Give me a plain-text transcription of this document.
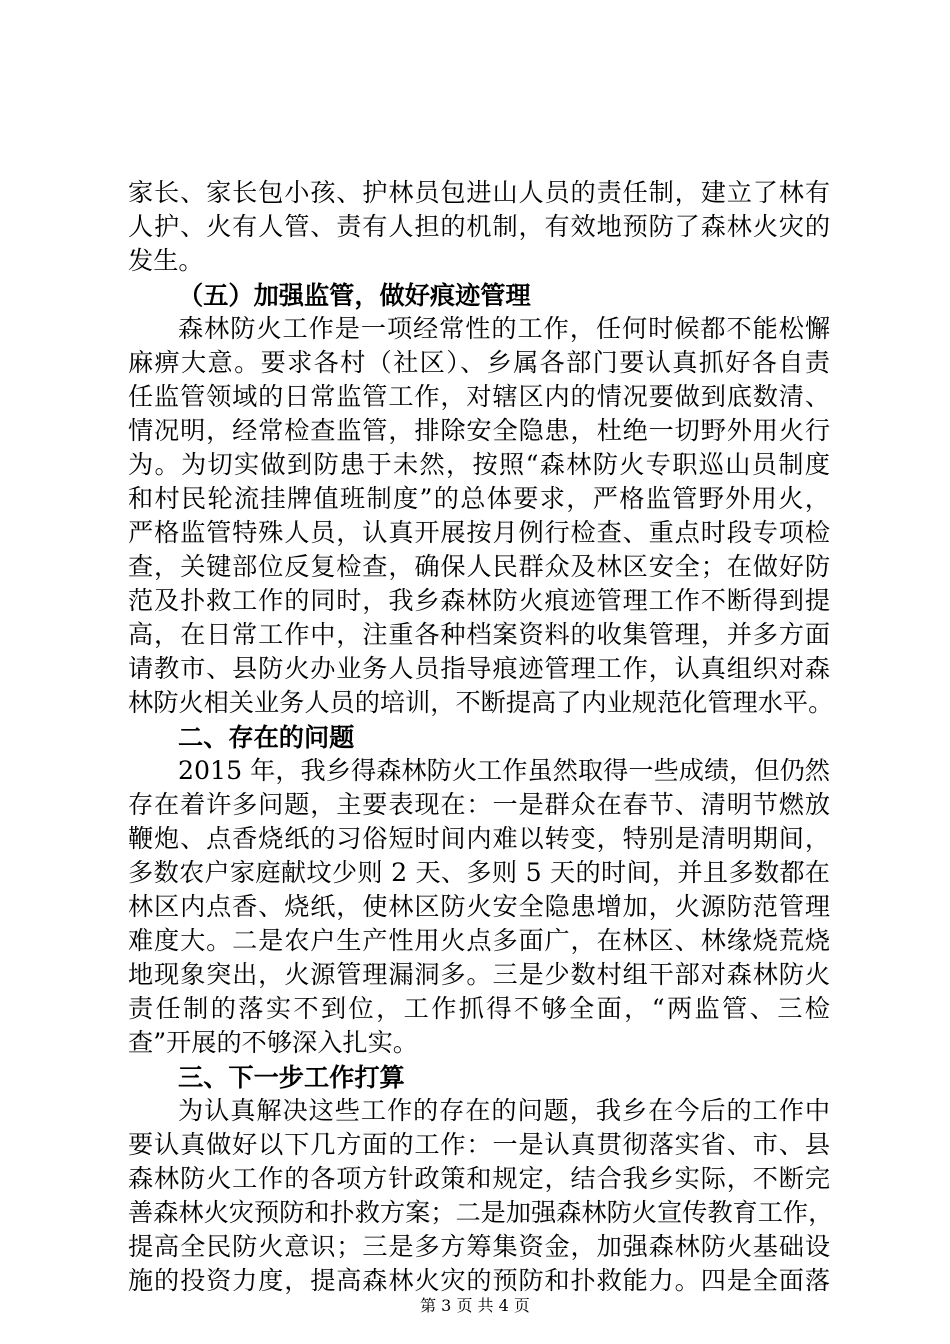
家长、家长包小孩、护林员包进山人员的责任制，建立了林有
人护、火有人管、责有人担的机制，有效地预防了森林火灾的
发生。
（五）加强监管，做好痕迹管理
森林防火工作是一项经常性的工作，任何时候都不能松懈
麻痹大意。要求各村（社区）、乡属各部门要认真抓好各自责
任监管领域的日常监管工作，对辖区内的情况要做到底数清、
情况明，经常检查监管，排除安全隐患，杜绝一切野外用火行
为。为切实做到防患于未然，按照“森林防火专职巡山员制度
和村民轮流挂牌值班制度”的总体要求，严格监管野外用火，
严格监管特殊人员，认真开展按月例行检查、重点时段专项检
查，关键部位反复检查，确保人民群众及林区安全；在做好防
范及扑救工作的同时，我乡森林防火痕迹管理工作不断得到提
高，在日常工作中，注重各种档案资料的收集管理，并多方面
请教市、县防火办业务人员指导痕迹管理工作，认真组织对森
林防火相关业务人员的培训，不断提高了内业规范化管理水平。
二、存在的问题
2015 年，我乡得森林防火工作虽然取得一些成绩，但仍然
存在着许多问题，主要表现在：一是群众在春节、清明节燃放
鞭炮、点香烧纸的习俗短时间内难以转变，特别是清明期间，
多数农户家庭献坟少则 2 天、多则 5 天的时间，并且多数都在
林区内点香、烧纸，使林区防火安全隐患增加，火源防范管理
难度大。二是农户生产性用火点多面广，在林区、林缘烧荒烧
地现象突出，火源管理漏洞多。三是少数村组干部对森林防火
责任制的落实不到位，工作抓得不够全面，“两监管、三检
查”开展的不够深入扎实。
三、下一步工作打算
为认真解决这些工作的存在的问题，我乡在今后的工作中
要认真做好以下几方面的工作：一是认真贯彻落实省、市、县
森林防火工作的各项方针政策和规定，结合我乡实际，不断完
善森林火灾预防和扑救方案；二是加强森林防火宣传教育工作，
提高全民防火意识；三是多方筹集资金，加强森林防火基础设
施的投资力度，提高森林火灾的预防和扑救能力。四是全面落
第 3 页 共 4 页
